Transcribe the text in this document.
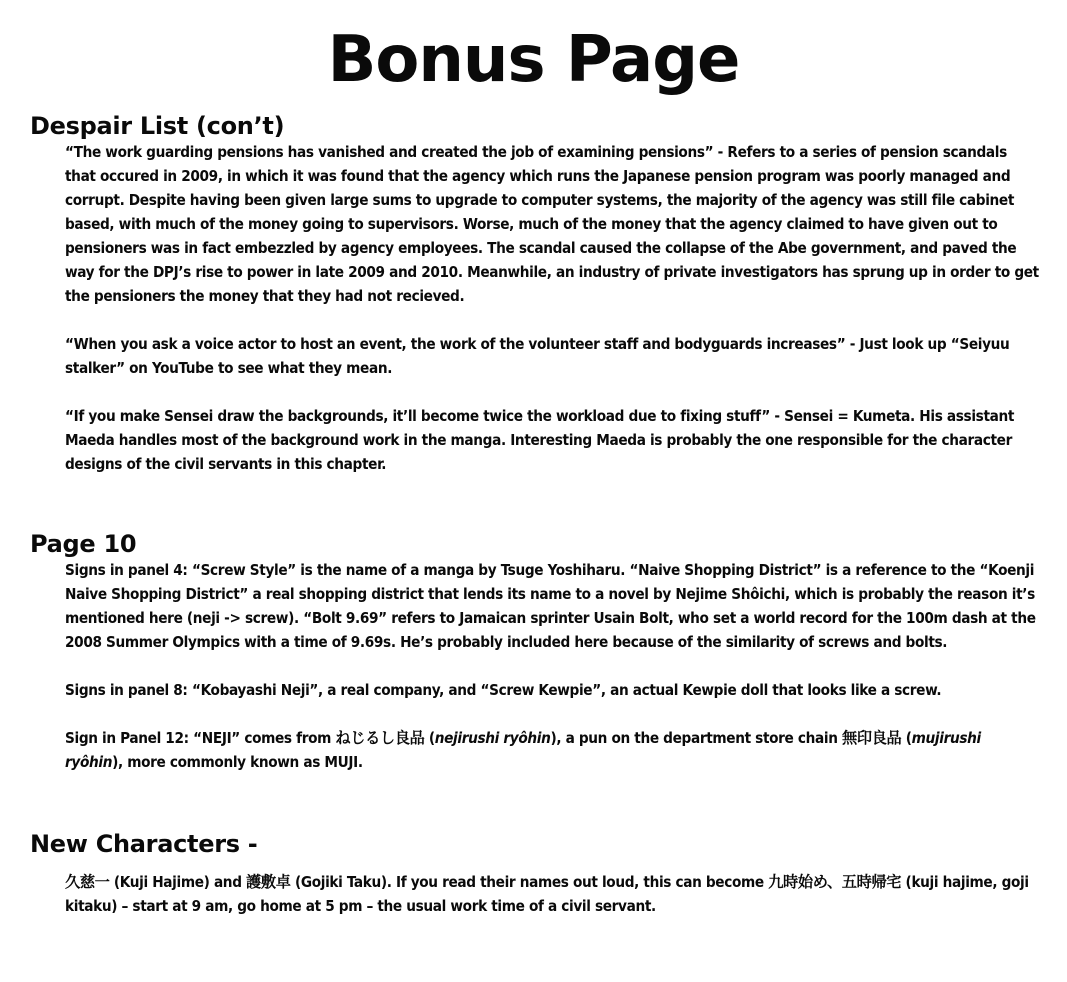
Bonus Page
Despair List (con’t)

“The work guarding pensions has vanished and created the job of examining pensions” - Refers to a series of pension scandals that occured in 2009, in which it was found that the agency which runs the Japanese pension program was poorly managed and corrupt. Despite having been given large sums to upgrade to computer systems, the majority of the agency was still file cabinet based, with much of the money going to supervisors. Worse, much of the money that the agency claimed to have given out to pensioners was in fact embezzled by agency employees. The scandal caused the collapse of the Abe government, and paved the way for the DPJ’s rise to power in late 2009 and 2010. Meanwhile, an industry of private investigators has sprung up in order to get the pensioners the money that they had not recieved.

“When you ask a voice actor to host an event, the work of the volunteer staff and bodyguards increases” - Just look up “Seiyuu stalker” on YouTube to see what they mean.

“If you make Sensei draw the backgrounds, it’ll become twice the workload due to fixing stuff” - Sensei = Kumeta. His assistant Maeda handles most of the background work in the manga. Interesting Maeda is probably the one responsible for the character designs of the civil servants in this chapter.

Page 10

Signs in panel 4: “Screw Style” is the name of a manga by Tsuge Yoshiharu. “Naive Shopping District” is a reference to the “Koenji Naive Shopping District” a real shopping district that lends its name to a novel by Nejime Shôichi, which is probably the reason it’s mentioned here (neji -> screw). “Bolt 9.69” refers to Jamaican sprinter Usain Bolt, who set a world record for the 100m dash at the 2008 Summer Olympics with a time of 9.69s. He’s probably included here because of the similarity of screws and bolts.

Signs in panel 8: “Kobayashi Neji”, a real company, and “Screw Kewpie”, an actual Kewpie doll that looks like a screw.

Sign in Panel 12: “NEJI” comes from ねじるし良品 (nejirushi ryôhin), a pun on the department store chain 無印良品 (mujirushi ryôhin), more commonly known as MUJI.

New Characters -

久慈一 (Kuji Hajime) and 護敷卓 (Gojiki Taku). If you read their names out loud, this can become 九時始め、五時帰宅 (kuji hajime, goji kitaku) – start at 9 am, go home at 5 pm – the usual work time of a civil servant.
